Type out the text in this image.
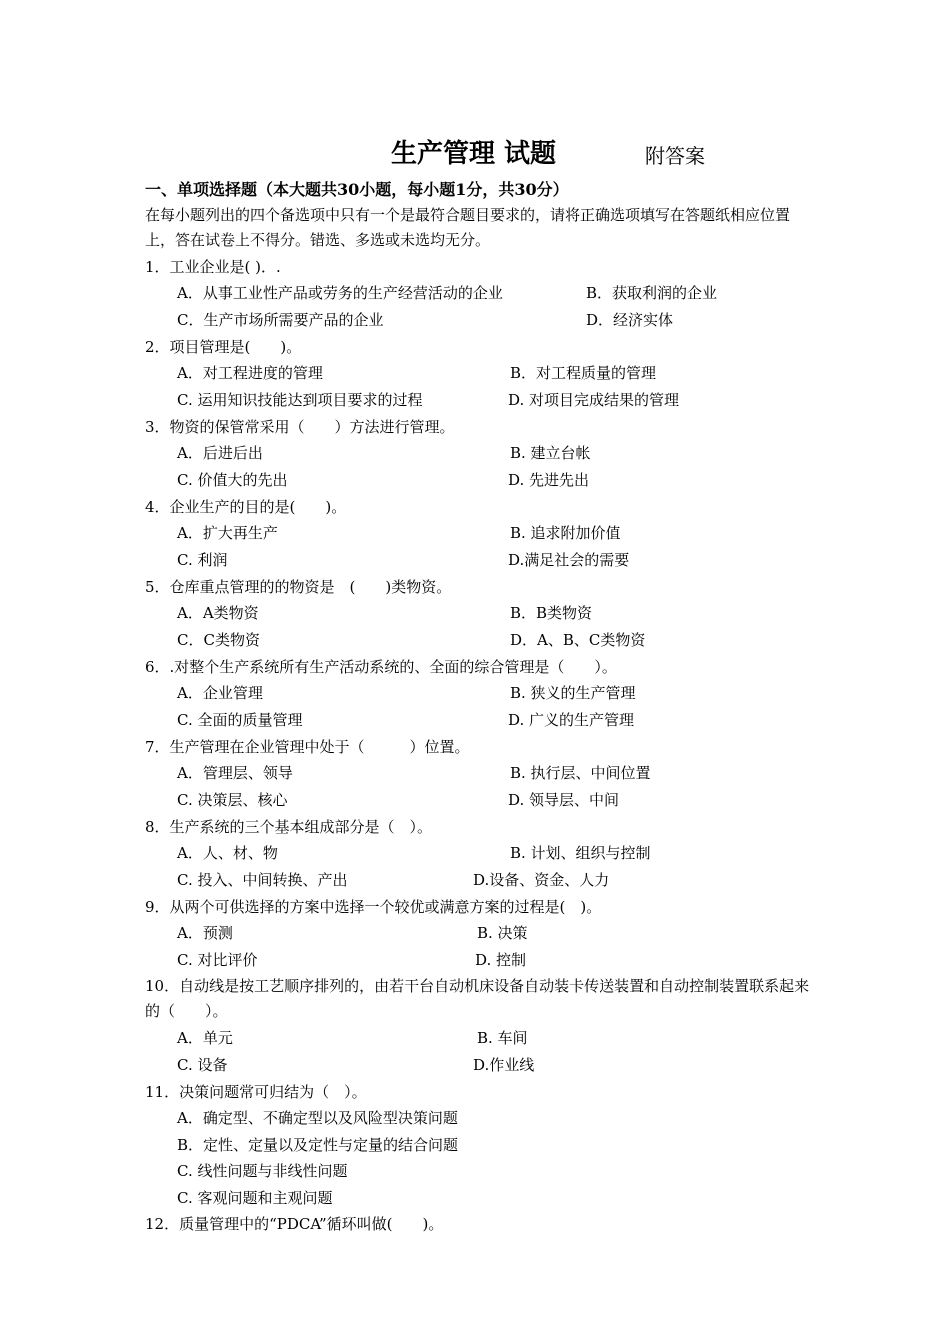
生产管理 试题	附答案
一、单项选择题（本大题共30小题，每小题1分，共30分）
在每小题列出的四个备选项中只有一个是最符合题目要求的，请将正确选项填写在答题纸相应位置上，答在试卷上不得分。错选、多选或未选均无分。
1．工业企业是( )．.
A．从事工业性产品或劳务的生产经营活动的企业	B．获取利润的企业
C．生产市场所需要产品的企业	D．经济实体
2．项目管理是(　　)。
A．对工程进度的管理	B．对工程质量的管理
C. 运用知识技能达到项目要求的过程	D. 对项目完成结果的管理
3．物资的保管常采用（　　）方法进行管理。
A．后进后出	B. 建立台帐
C. 价值大的先出	D. 先进先出
4．企业生产的目的是(　　)。
A．扩大再生产	B. 追求附加价值
C. 利润	D.满足社会的需要
5．仓库重点管理的的物资是　(　　)类物资。
A．A类物资	B．B类物资
C．C类物资	D．A、B、C类物资
6．.对整个生产系统所有生产活动系统的、全面的综合管理是（　　）。
A．企业管理	B. 狭义的生产管理
C. 全面的质量管理	D. 广义的生产管理
7．生产管理在企业管理中处于（　　　）位置。
A．管理层、领导	B. 执行层、中间位置
C. 决策层、核心	D. 领导层、中间
8．生产系统的三个基本组成部分是（　）。
A．人、材、物	B. 计划、组织与控制
C. 投入、中间转换、产出	D.设备、资金、人力
9．从两个可供选择的方案中选择一个较优或满意方案的过程是(　)。
A．预测	B. 决策
C. 对比评价	D. 控制
10．自动线是按工艺顺序排列的，由若干台自动机床设备自动装卡传送装置和自动控制装置联系起来的（　　）。
A．单元	B. 车间
C. 设备	D.作业线
11．决策问题常可归结为（　）。
A．确定型、不确定型以及风险型决策问题
B．定性、定量以及定性与定量的结合问题
C. 线性问题与非线性问题
C. 客观问题和主观问题
12．质量管理中的“PDCA”循环叫做(　　)。
